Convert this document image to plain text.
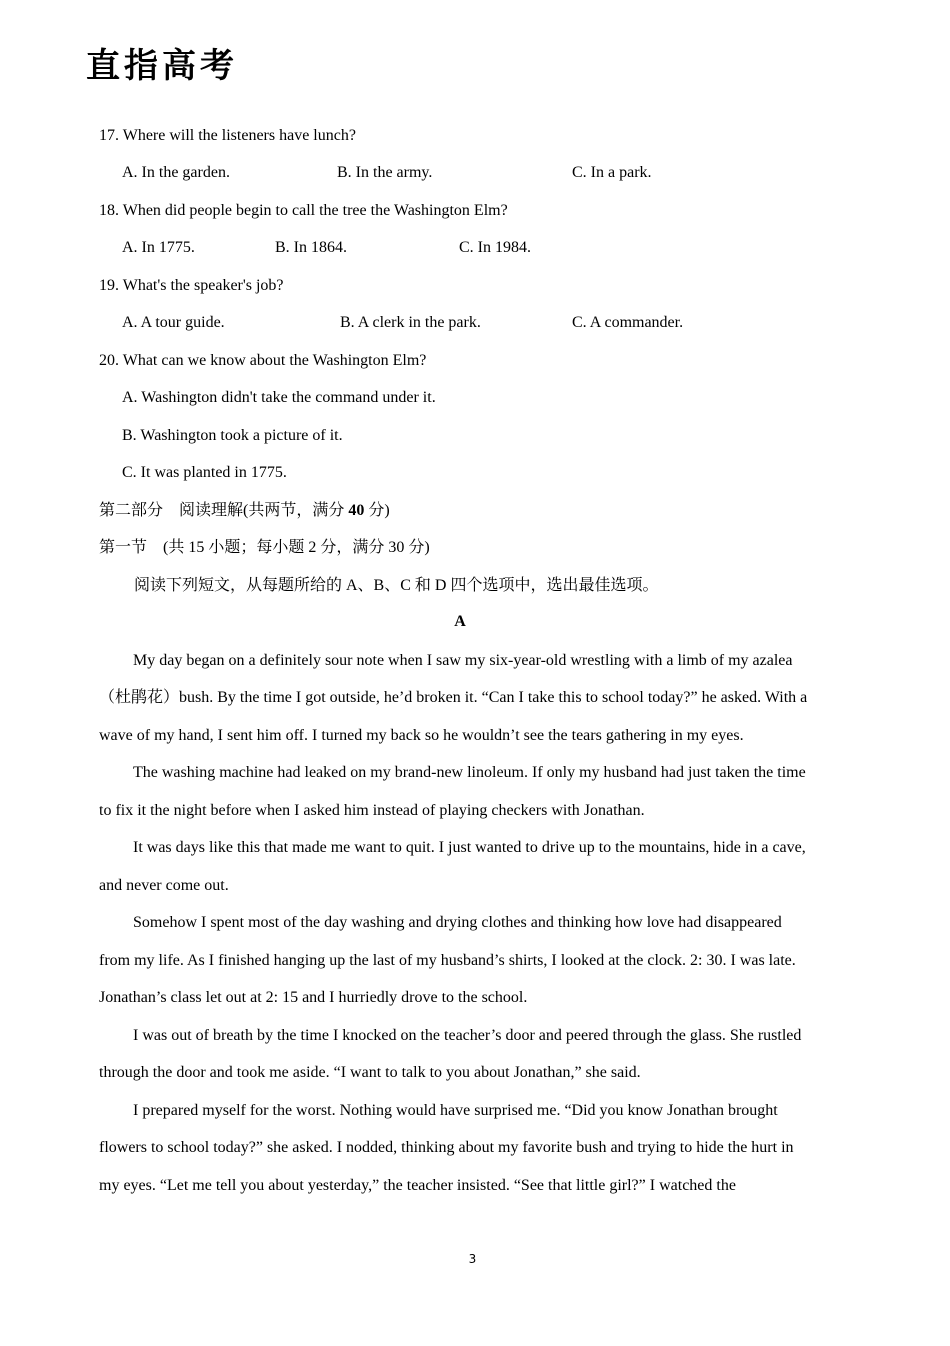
直指高考
17. Where will the listeners have lunch?
A. In the garden.	B. In the army.	C. In a park.
18. When did people begin to call the tree the Washington Elm?
A. In 1775.	B. In 1864.	C. In 1984.
19. What's the speaker's job?
A. A tour guide.	B. A clerk in the park.	C. A commander.
20. What can we know about the Washington Elm?
A. Washington didn't take the command under it.
B. Washington took a picture of it.
C. It was planted in 1775.
第二部分　阅读理解(共两节，满分 40 分)
第一节　(共 15 小题；每小题 2 分，满分 30 分)
阅读下列短文，从每题所给的 A、B、C 和 D 四个选项中，选出最佳选项。
A
My day began on a definitely sour note when I saw my six-year-old wrestling with a limb of my azalea
（杜鹃花）bush. By the time I got outside, he’d broken it. “Can I take this to school today?” he asked. With a
wave of my hand, I sent him off. I turned my back so he wouldn’t see the tears gathering in my eyes.
The washing machine had leaked on my brand-new linoleum. If only my husband had just taken the time
to fix it the night before when I asked him instead of playing checkers with Jonathan.
It was days like this that made me want to quit. I just wanted to drive up to the mountains, hide in a cave,
and never come out.
Somehow I spent most of the day washing and drying clothes and thinking how love had disappeared
from my life. As I finished hanging up the last of my husband’s shirts, I looked at the clock. 2: 30. I was late.
Jonathan’s class let out at 2: 15 and I hurriedly drove to the school.
I was out of breath by the time I knocked on the teacher’s door and peered through the glass. She rustled
through the door and took me aside. “I want to talk to you about Jonathan,” she said.
I prepared myself for the worst. Nothing would have surprised me. “Did you know Jonathan brought
flowers to school today?” she asked. I nodded, thinking about my favorite bush and trying to hide the hurt in
my eyes. “Let me tell you about yesterday,” the teacher insisted. “See that little girl?” I watched the
3
